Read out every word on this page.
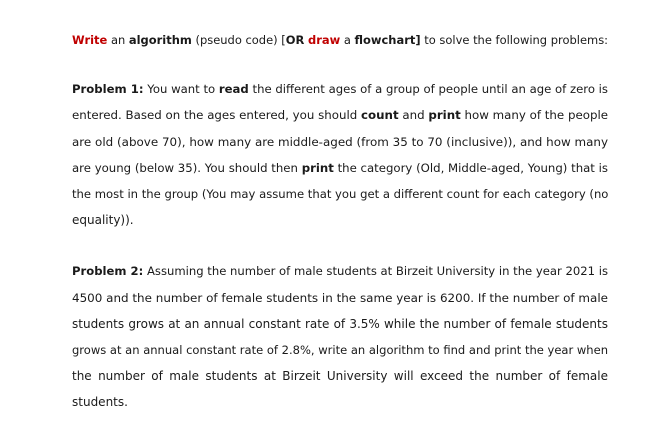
Write an algorithm (pseudo code) [OR draw a flowchart] to solve the following problems:
Problem 1: You want to read the different ages of a group of people until an age of zero is
entered. Based on the ages entered, you should count and print how many of the people
are old (above 70), how many are middle-aged (from 35 to 70 (inclusive)), and how many
are young (below 35). You should then print the category (Old, Middle-aged, Young) that is
the most in the group (You may assume that you get a different count for each category (no
equality)).
Problem 2: Assuming the number of male students at Birzeit University in the year 2021 is
4500 and the number of female students in the same year is 6200. If the number of male
students grows at an annual constant rate of 3.5% while the number of female students
grows at an annual constant rate of 2.8%, write an algorithm to find and print the year when
the number of male students at Birzeit University will exceed the number of female
students.
